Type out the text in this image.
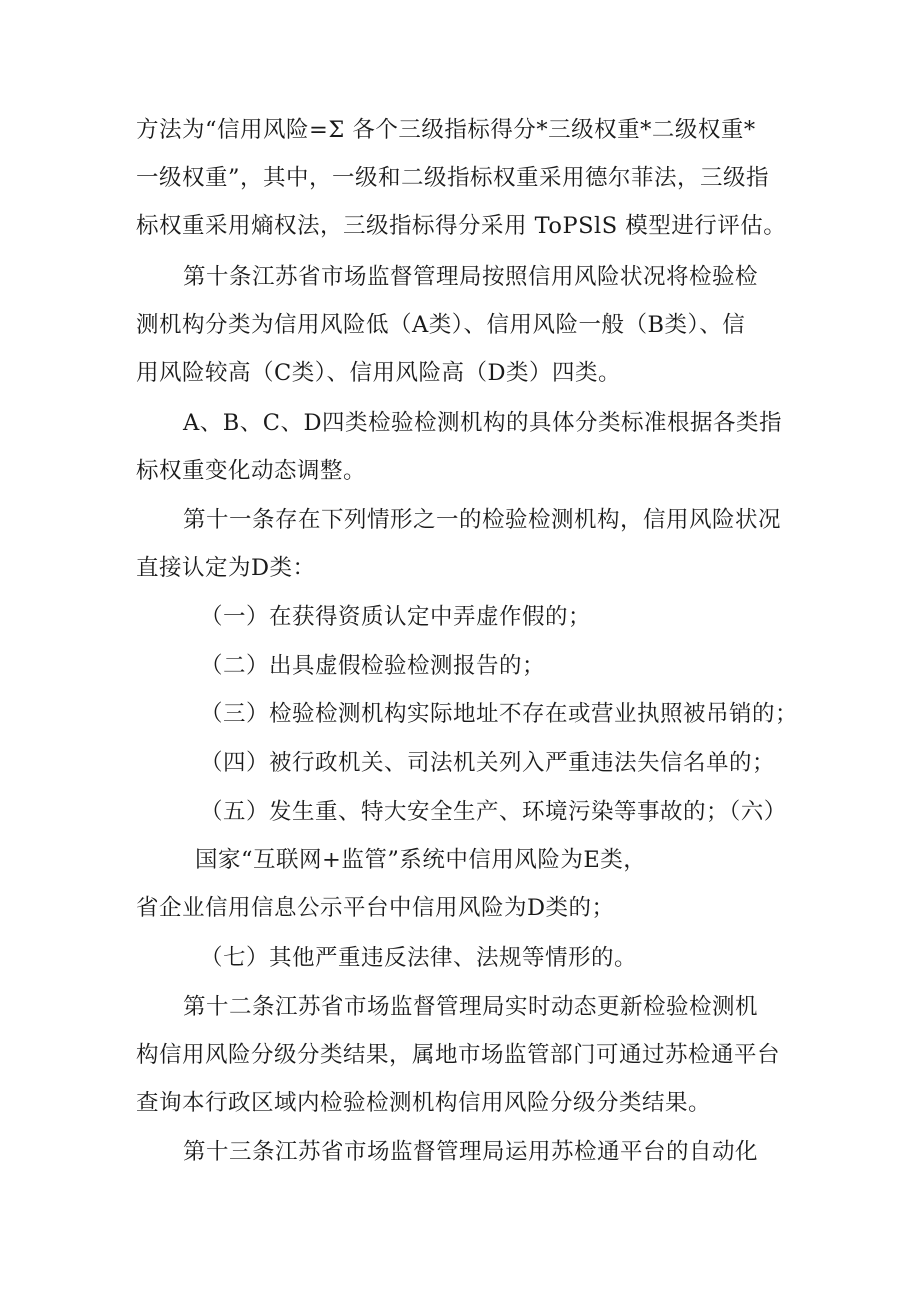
方法为“信用风险=Σ 各个三级指标得分*三级权重*二级权重*
一级权重”，其中，一级和二级指标权重采用德尔菲法，三级指
标权重采用熵权法，三级指标得分采用 ToPSlS 模型进行评估。
第十条江苏省市场监督管理局按照信用风险状况将检验检
测机构分类为信用风险低（A类）、信用风险一般（B类）、信
用风险较高（C类）、信用风险高（D类）四类。
A、B、C、D四类检验检测机构的具体分类标准根据各类指
标权重变化动态调整。
第十一条存在下列情形之一的检验检测机构，信用风险状况
直接认定为D类：
（一）在获得资质认定中弄虚作假的；
（二）出具虚假检验检测报告的；
（三）检验检测机构实际地址不存在或营业执照被吊销的；
（四）被行政机关、司法机关列入严重违法失信名单的；
（五）发生重、特大安全生产、环境污染等事故的；（六）
国家“互联网+监管”系统中信用风险为E类，
省企业信用信息公示平台中信用风险为D类的；
（七）其他严重违反法律、法规等情形的。
第十二条江苏省市场监督管理局实时动态更新检验检测机
构信用风险分级分类结果，属地市场监管部门可通过苏检通平台
查询本行政区域内检验检测机构信用风险分级分类结果。
第十三条江苏省市场监督管理局运用苏检通平台的自动化
